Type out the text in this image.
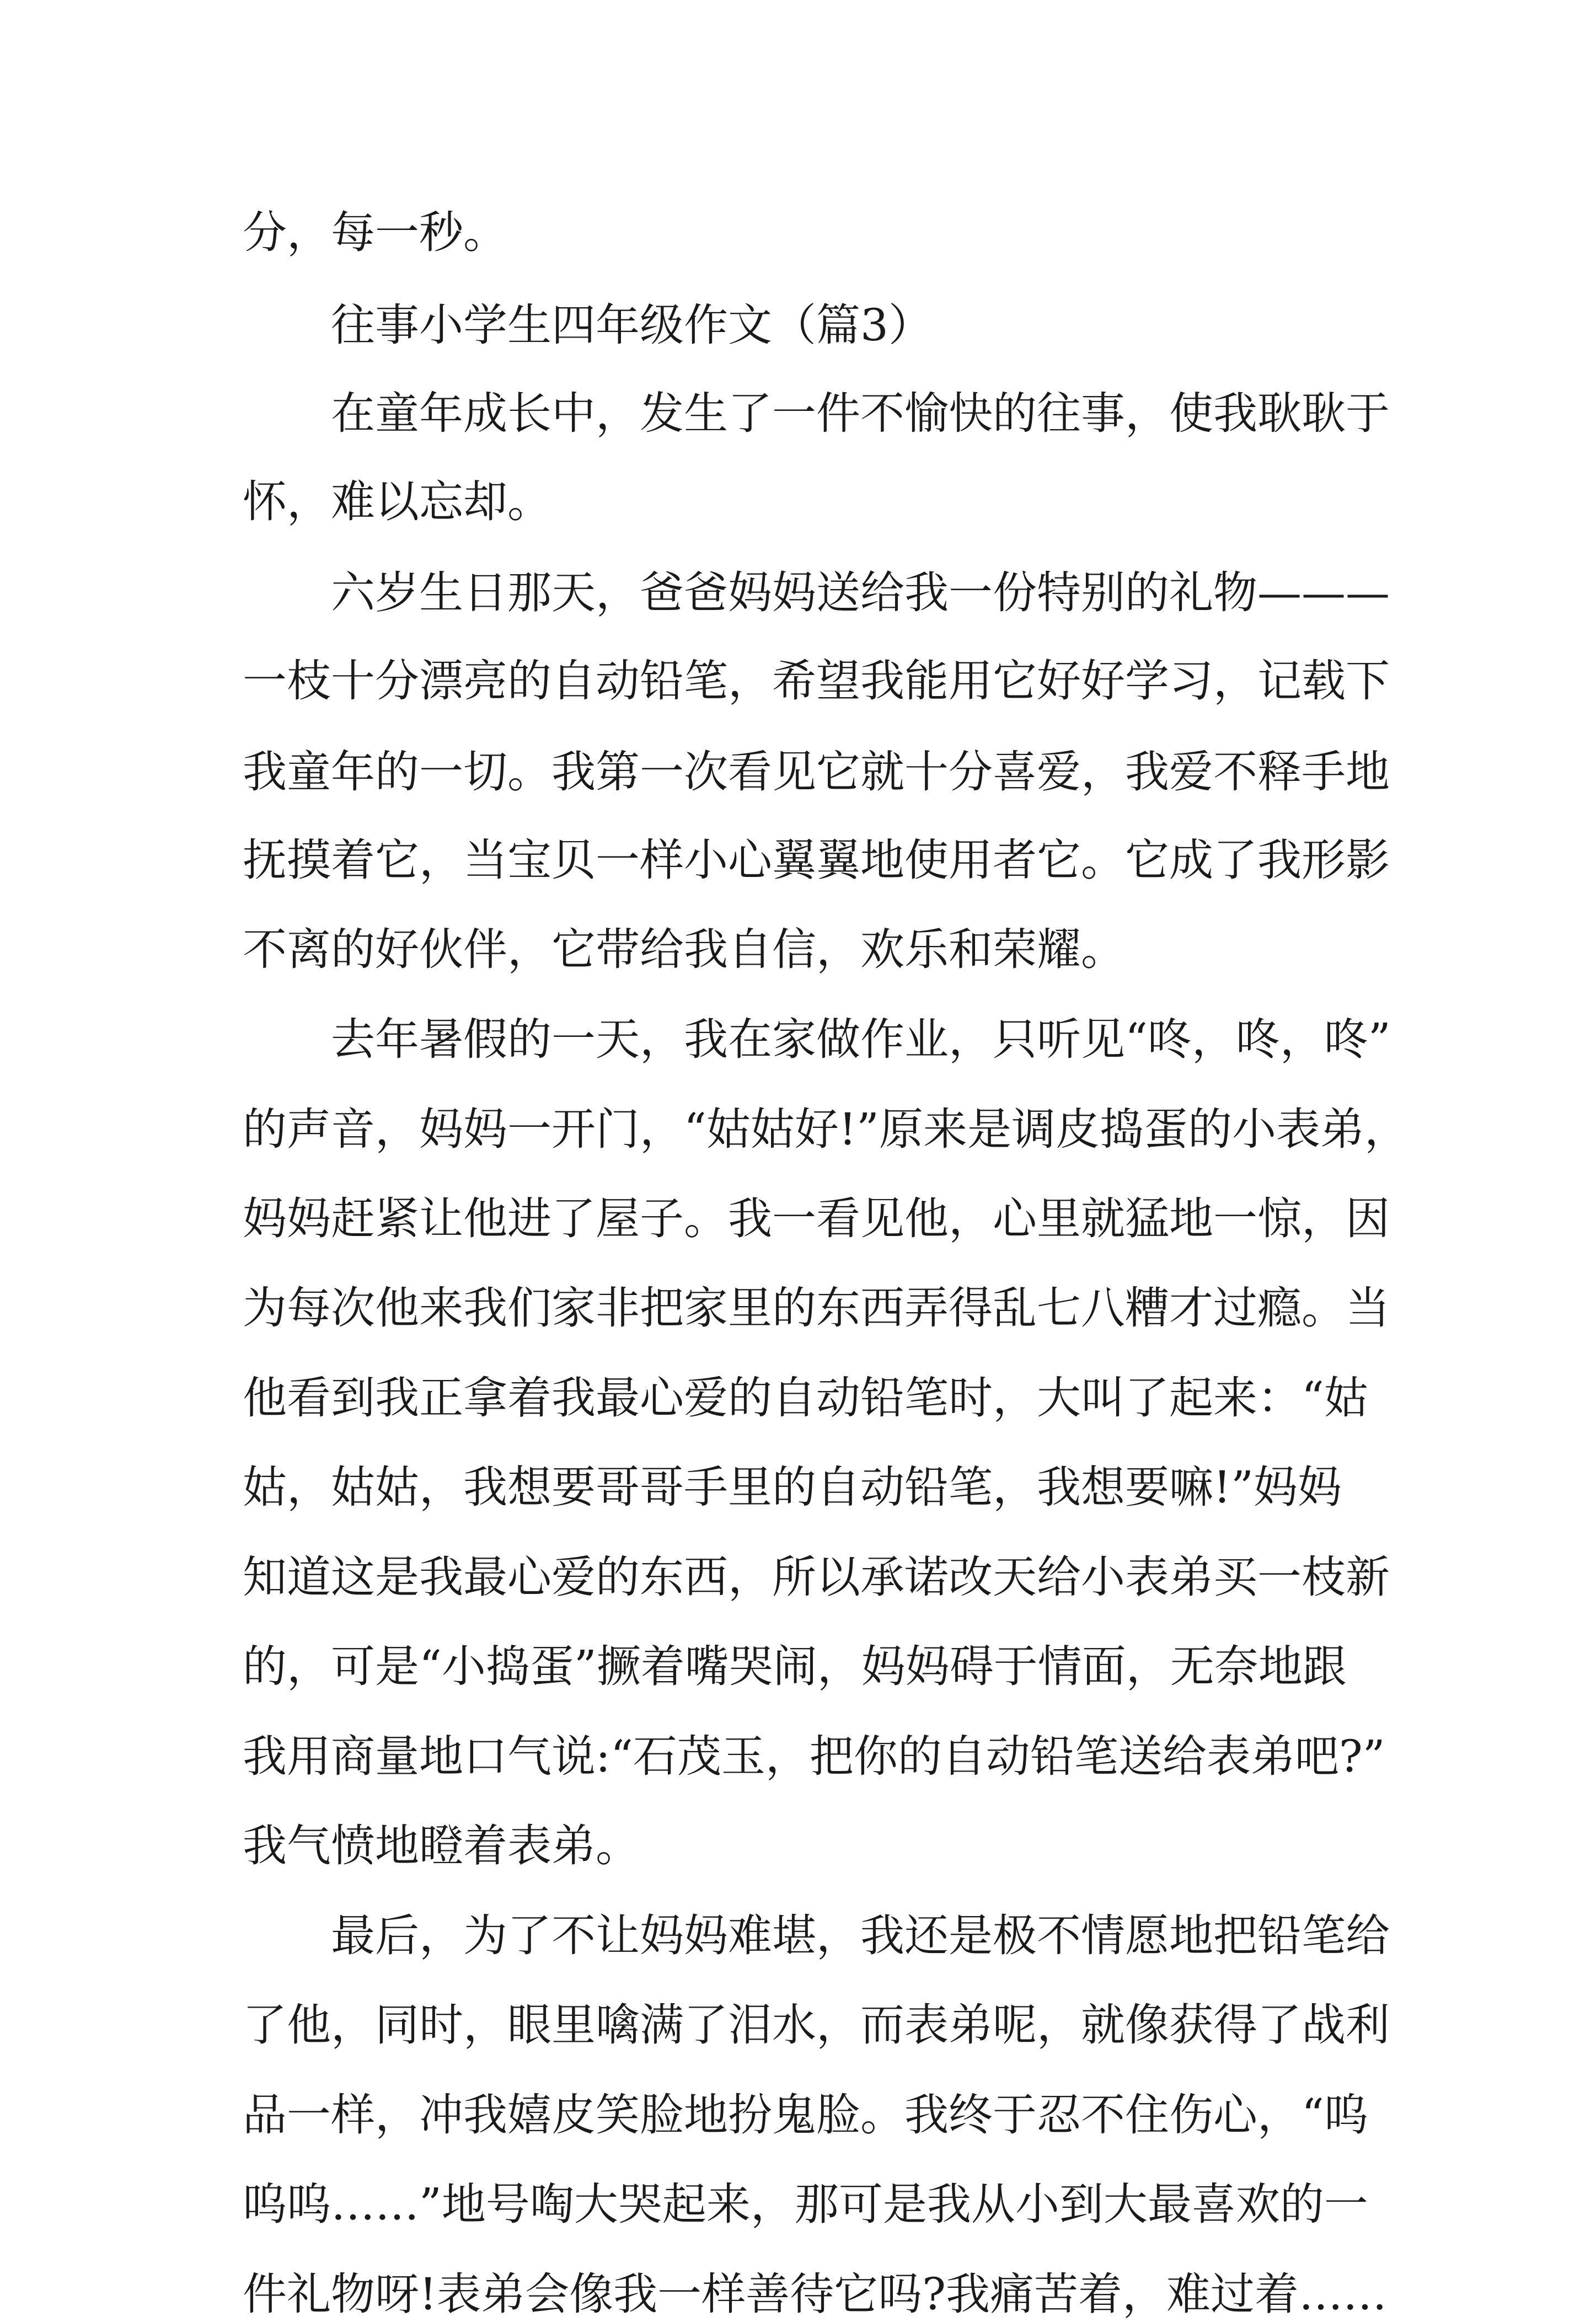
分，每一秒。
往事小学生四年级作文（篇3）
在童年成长中，发生了一件不愉快的往事，使我耿耿于
怀，难以忘却。
六岁生日那天，爸爸妈妈送给我一份特别的礼物———
一枝十分漂亮的自动铅笔，希望我能用它好好学习，记载下
我童年的一切。我第一次看见它就十分喜爱，我爱不释手地
抚摸着它，当宝贝一样小心翼翼地使用者它。它成了我形影
不离的好伙伴，它带给我自信，欢乐和荣耀。
去年暑假的一天，我在家做作业，只听见“咚，咚，咚”
的声音，妈妈一开门，“姑姑好!”原来是调皮捣蛋的小表弟，
妈妈赶紧让他进了屋子。我一看见他，心里就猛地一惊，因
为每次他来我们家非把家里的东西弄得乱七八糟才过瘾。当
他看到我正拿着我最心爱的自动铅笔时，大叫了起来：“姑
姑，姑姑，我想要哥哥手里的自动铅笔，我想要嘛!”妈妈
知道这是我最心爱的东西，所以承诺改天给小表弟买一枝新
的，可是“小捣蛋”撅着嘴哭闹，妈妈碍于情面，无奈地跟
我用商量地口气说:“石茂玉，把你的自动铅笔送给表弟吧?”
我气愤地瞪着表弟。
最后，为了不让妈妈难堪，我还是极不情愿地把铅笔给
了他，同时，眼里噙满了泪水，而表弟呢，就像获得了战利
品一样，冲我嬉皮笑脸地扮鬼脸。我终于忍不住伤心，“呜
呜呜……”地号啕大哭起来，那可是我从小到大最喜欢的一
件礼物呀!表弟会像我一样善待它吗?我痛苦着，难过着……
